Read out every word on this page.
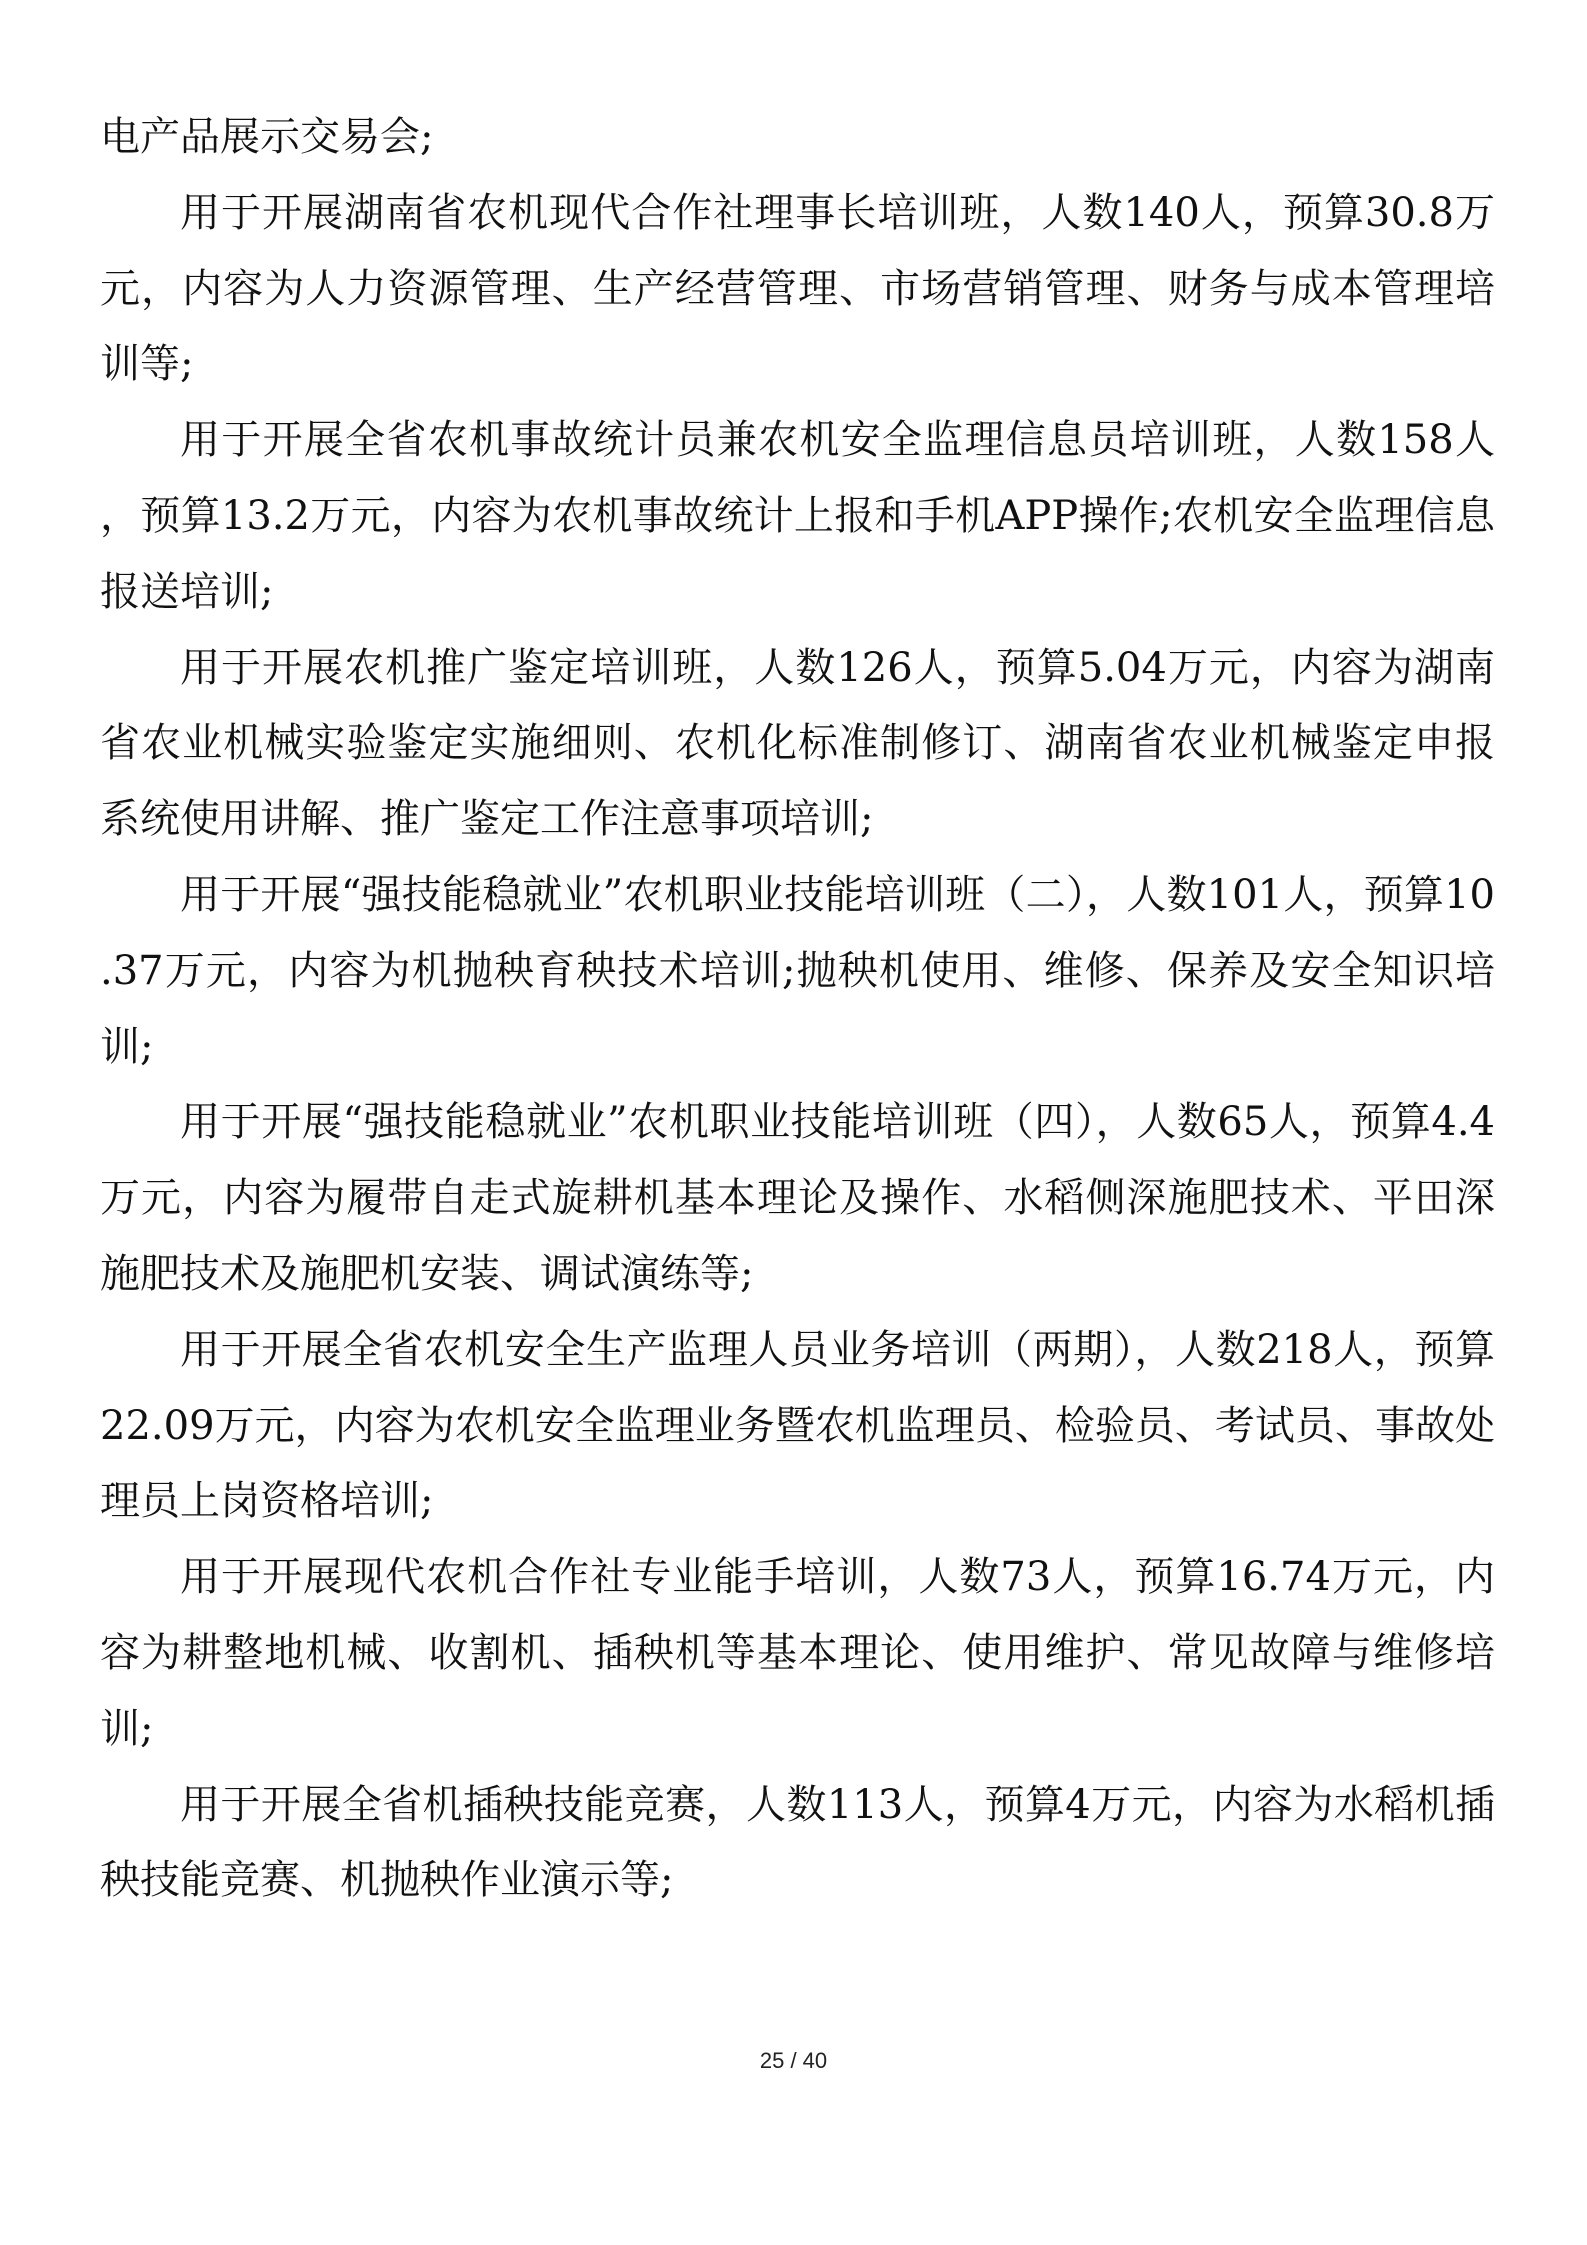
电产品展示交易会;

用于开展湖南省农机现代合作社理事长培训班，人数140人，预算30.8万元，内容为人力资源管理、生产经营管理、市场营销管理、财务与成本管理培训等;

用于开展全省农机事故统计员兼农机安全监理信息员培训班，人数158人，预算13.2万元，内容为农机事故统计上报和手机APP操作;农机安全监理信息报送培训;

用于开展农机推广鉴定培训班，人数126人，预算5.04万元，内容为湖南省农业机械实验鉴定实施细则、农机化标准制修订、湖南省农业机械鉴定申报系统使用讲解、推广鉴定工作注意事项培训;

用于开展“强技能稳就业”农机职业技能培训班（二），人数101人，预算10.37万元，内容为机抛秧育秧技术培训;抛秧机使用、维修、保养及安全知识培训;

用于开展“强技能稳就业”农机职业技能培训班（四），人数65人，预算4.4万元，内容为履带自走式旋耕机基本理论及操作、水稻侧深施肥技术、平田深施肥技术及施肥机安装、调试演练等;

用于开展全省农机安全生产监理人员业务培训（两期），人数218人，预算22.09万元，内容为农机安全监理业务暨农机监理员、检验员、考试员、事故处理员上岗资格培训;

用于开展现代农机合作社专业能手培训，人数73人，预算16.74万元，内容为耕整地机械、收割机、插秧机等基本理论、使用维护、常见故障与维修培训;

用于开展全省机插秧技能竞赛，人数113人，预算4万元，内容为水稻机插秧技能竞赛、机抛秧作业演示等;

25 / 40
